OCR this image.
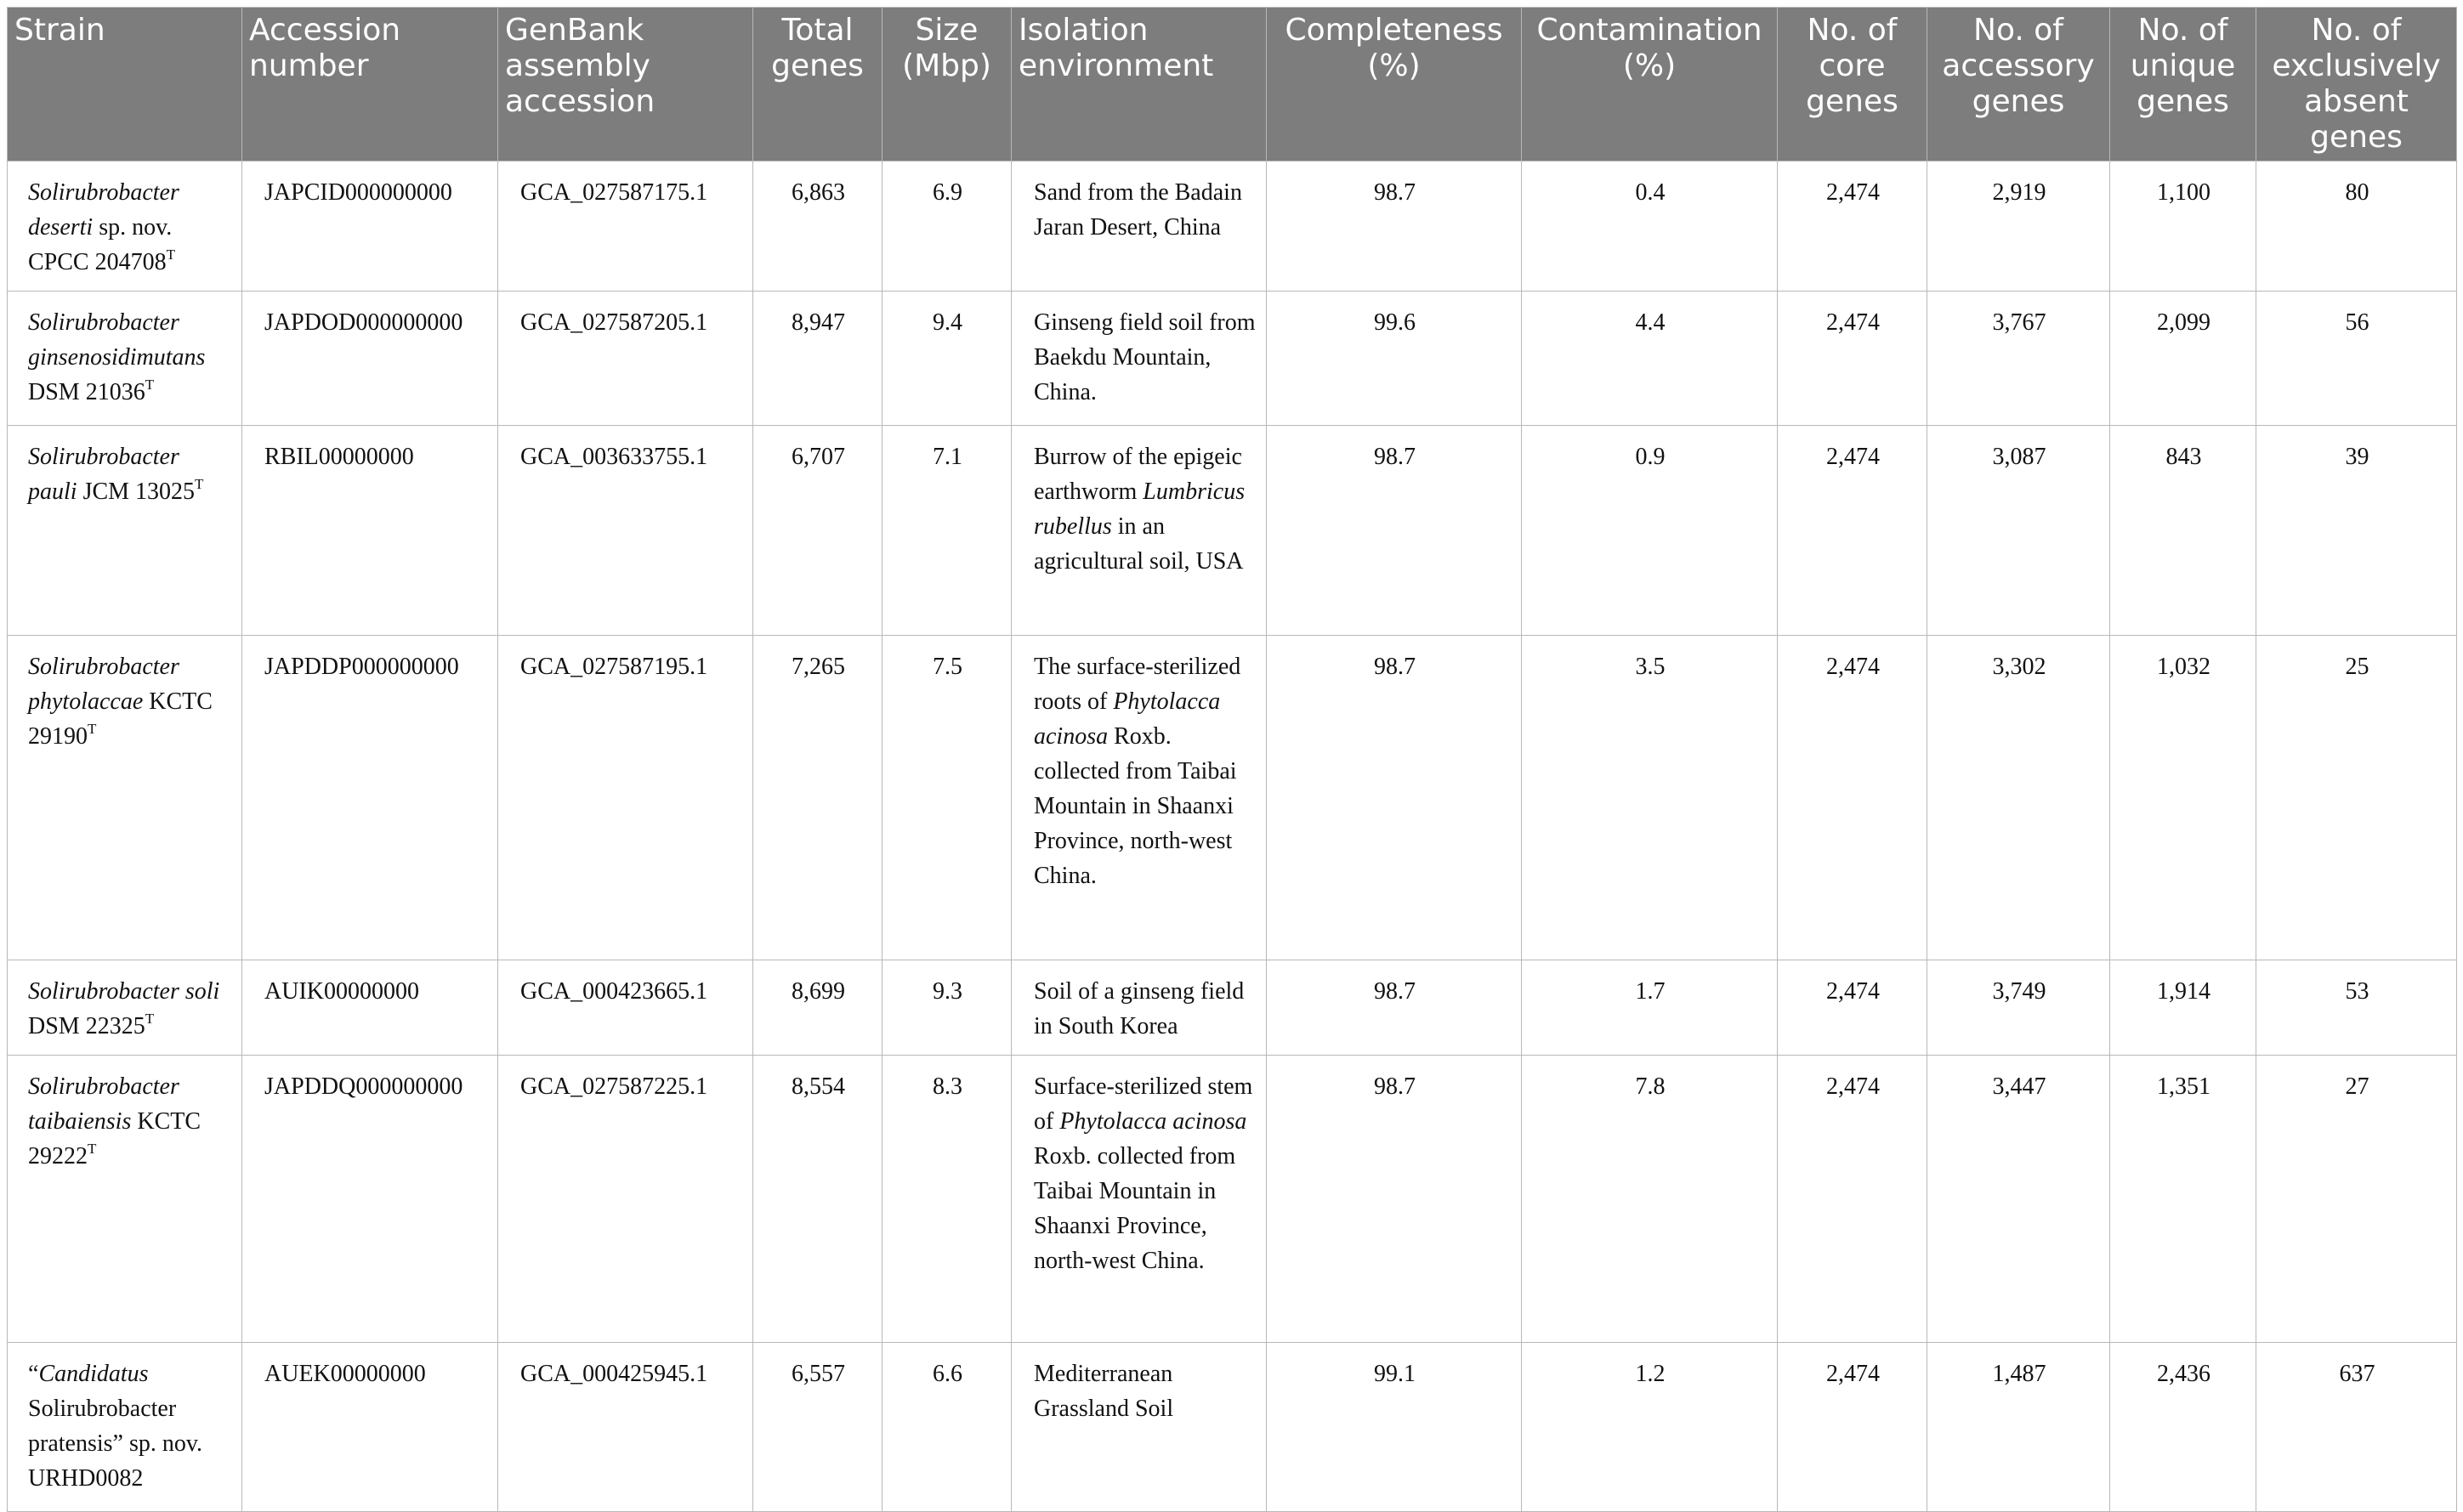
Strain	Accession number	GenBank assembly accession	Total genes	Size (Mbp)	Isolation environment	Completeness (%)	Contamination (%)	No. of core genes	No. of accessory genes	No. of unique genes	No. of exclusively absent genes
Solirubrobacter deserti sp. nov. CPCC $204708^T$	JAPCID000000000	GCA_027587175.1	6,863	6.9	Sand from the Badain Jaran Desert, China	98.7	0.4	2,474	2,919	1,100	80
Solirubrobacter ginsenosidimutans DSM $21036^T$	JAPDOD000000000	GCA_027587205.1	8,947	9.4	Ginseng field soil from Baekdu Mountain, China.	99.6	4.4	2,474	3,767	2,099	56
Solirubrobacter pauli JCM $13025^T$	RBIL00000000	GCA_003633755.1	6,707	7.1	Burrow of the epigeic earthworm Lumbricus rubellus in an agricultural soil, USA	98.7	0.9	2,474	3,087	843	39
Solirubrobacter phytolaccae KCTC $29190^T$	JAPDDP000000000	GCA_027587195.1	7,265	7.5	The surface-sterilized roots of Phytolacca acinosa Roxb. collected from Taibai Mountain in Shaanxi Province, north-west China.	98.7	3.5	2,474	3,302	1,032	25
Solirubrobacter soli DSM $22325^T$	AUIK00000000	GCA_000423665.1	8,699	9.3	Soil of a ginseng field in South Korea	98.7	1.7	2,474	3,749	1,914	53
Solirubrobacter taibaiensis KCTC $29222^T$	JAPDDQ000000000	GCA_027587225.1	8,554	8.3	Surface-sterilized stem of Phytolacca acinosa Roxb. collected from Taibai Mountain in Shaanxi Province, north-west China.	98.7	7.8	2,474	3,447	1,351	27
“Candidatus Solirubrobacter pratensis” sp. nov. URHD0082	AUEK00000000	GCA_000425945.1	6,557	6.6	Mediterranean Grassland Soil	99.1	1.2	2,474	1,487	2,436	637
